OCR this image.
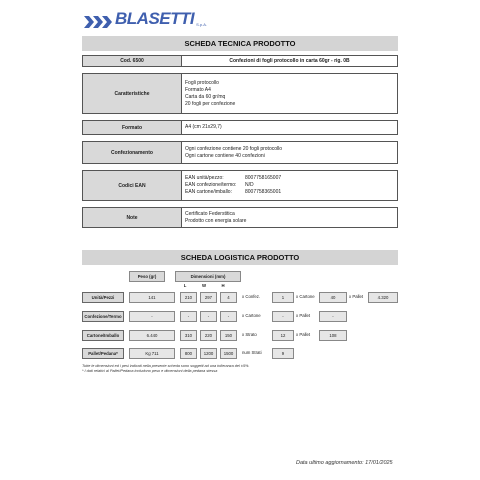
BLASETTI S.p.A.
SCHEDA TECNICA PRODOTTO
Cod. 6500	Confezioni di fogli protocollo in carta 60gr - rig. 0B

Caratteristiche	Fogli protocollo
Formato A4
Carta da 60 gr/mq
20 fogli per confezione

Formato	A4 (cm 21x29,7)

Confezionamento	Ogni confezione contiene 20 fogli protocollo
Ogni cartone contiene 40 confezioni

Codici EAN	EAN unità/pezzo: 8007758165007
EAN confezione/termo: N/D
EAN cartone/imballo: 8007758365001

Note	Certificato Federstitica
Prodotto con energia solare
SCHEDA LOGISTICA PRODOTTO
Peso (gr)	Dimensioni (mm)
L	W	H
Unità/Pezzi	141	210	297	4	x Confez.	1	x Cartone	40	x Pallet	4.320
Confezione/Termo	-	-	-	-	x Cartone	-	x Pallet	-
Cartone/Imballo	6.440	310	220	150	x Strato	12	x Pallet	108
Pallet/Pedana*	Kg 711	800	1200	1500	num Strati	9
Tutte le dimensioni ed i pesi indicati nella presente scheda sono soggetti ad una tolleranza del ±5%.
* I dati relativi al Pallet/Pedana includono peso e dimensioni della pedana stessa
Data ultimo aggiornamento: 17/01/2025
